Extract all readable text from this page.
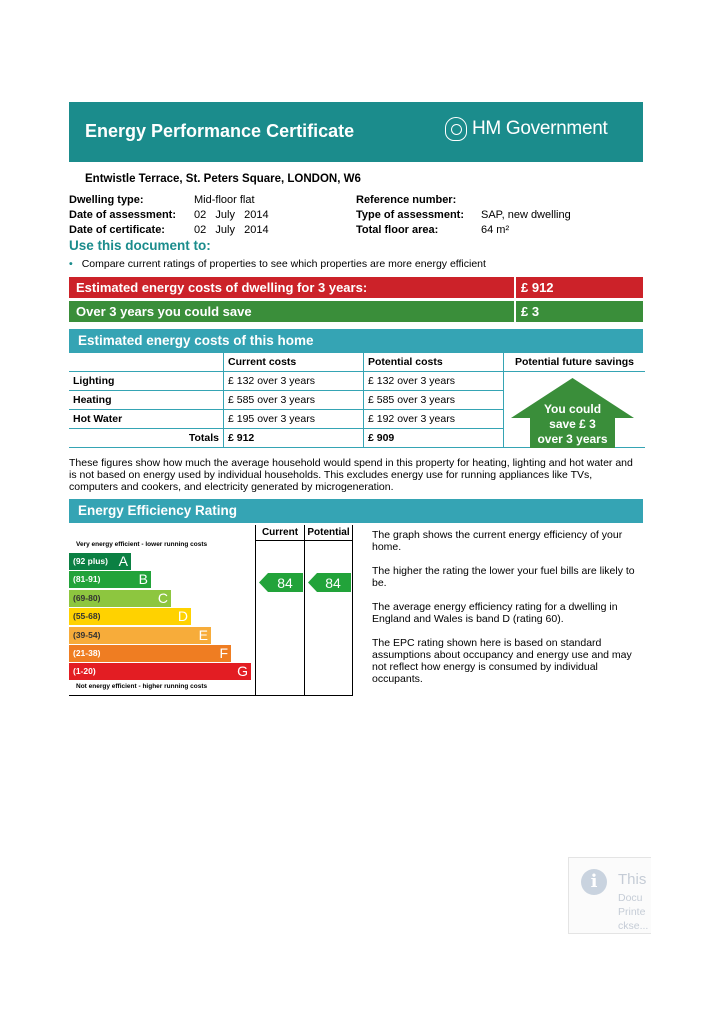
Energy Performance Certificate	HM Government
Entwistle Terrace, St. Peters Square, LONDON, W6
Dwelling type:	Mid-floor flat
Date of assessment: 02   July   2014
Date of certificate:	02   July   2014
Reference number:
Type of assessment: SAP, new dwelling
Total floor area:	64 m²
Use this document to:
• Compare current ratings of properties to see which properties are more energy efficient
Estimated energy costs of dwelling for 3 years:	£ 912
Over 3 years you could save	£ 3
Estimated energy costs of this home
	Current costs	Potential costs	Potential future savings
Lighting	£ 132 over 3 years	£ 132 over 3 years	
Heating	£ 585 over 3 years	£ 585 over 3 years	
Hot Water	£ 195 over 3 years	£ 192 over 3 years	
Totals	£ 912	£ 909	
You could
save £ 3
over 3 years
These figures show how much the average household would spend in this property for heating, lighting and hot water and is not based on energy used by individual households. This excludes energy use for running appliances like TVs, computers and cookers, and electricity generated by microgeneration.
Energy Efficiency Rating
Current Potential
Very energy efficient - lower running costs
Not energy efficient - higher running costs
(92 plus) A
(81-91)	B
(69-80)	C
(55-68)	D
(39-54)	E
(21-38)	F
(1-20)	G
84 84

The graph shows the current energy efficiency of your home.

The higher the rating the lower your fuel bills are likely to be.

The average energy efficiency rating for a dwelling in England and Wales is band D (rating 60).

The EPC rating shown here is based on standard assumptions about occupancy and energy use and may not reflect how energy is consumed by individual occupants.

i	This
Docu
Printe
ckse...
